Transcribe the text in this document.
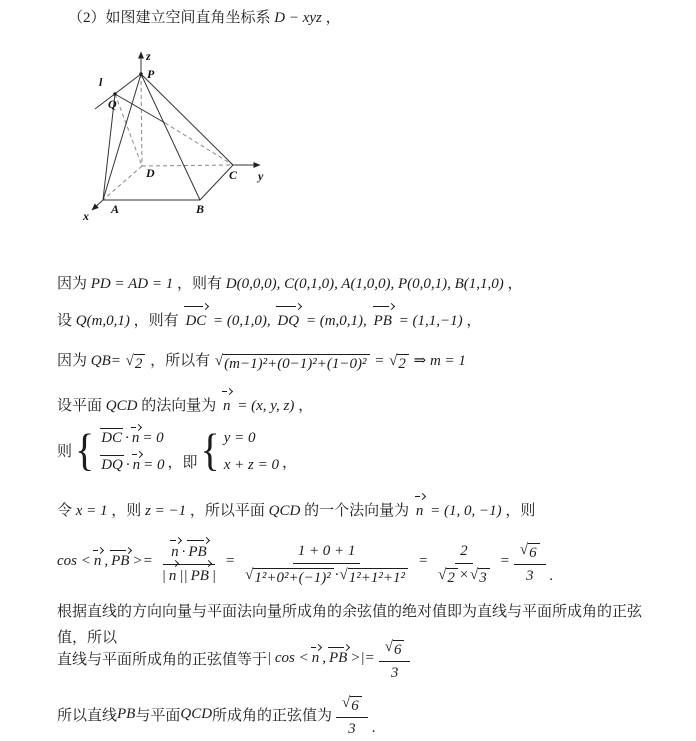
（2）如图建立空间直角坐标系 D − xyz ，
z
P
l
Q
D	C y
A	B
x
因为 PD = AD = 1 ，则有 D(0,0,0), C(0,1,0), A(1,0,0), P(0,0,1), B(1,1,0) ，
设 Q(m,0,1) ，则有 DC = (0,1,0), DQ = (m,0,1), PB = (1,1,−1) ，
因为 QB= √ 2 ，所以有 √ (m−1)²+(0−1)²+(1−0)² = √ 2 ⇒ m = 1
设平面 QCD 的法向量为 n = (x, y, z) ，
则 { DC · n = 0
DQ · n = 0 ，即 { y = 0
x + z = 0 ，
令 x = 1 ，则 z = −1 ，所以平面 QCD 的一个法向量为 n = (1, 0, −1) ，则
cos < n , PB >= $\frac{n \cdot PB}{| n || PB |} = \frac{1 + 0 + 1}{\text{√ 1²+0²+(−1)² · √ 1²+1²+1²}} = \frac{2}{√ 2 \times √ 3} = \frac{√ 6}{3}$ .
根据直线的方向向量与平面法向量所成角的余弦值的绝对值即为直线与平面所成角的正弦值，所以
直线与平面所成角的正弦值等于 | cos < n , PB >|= $\frac{√ 6}{3}$
所以直线 PB 与平面 QCD 所成角的正弦值为 $\frac{√ 6}{3}$ .
